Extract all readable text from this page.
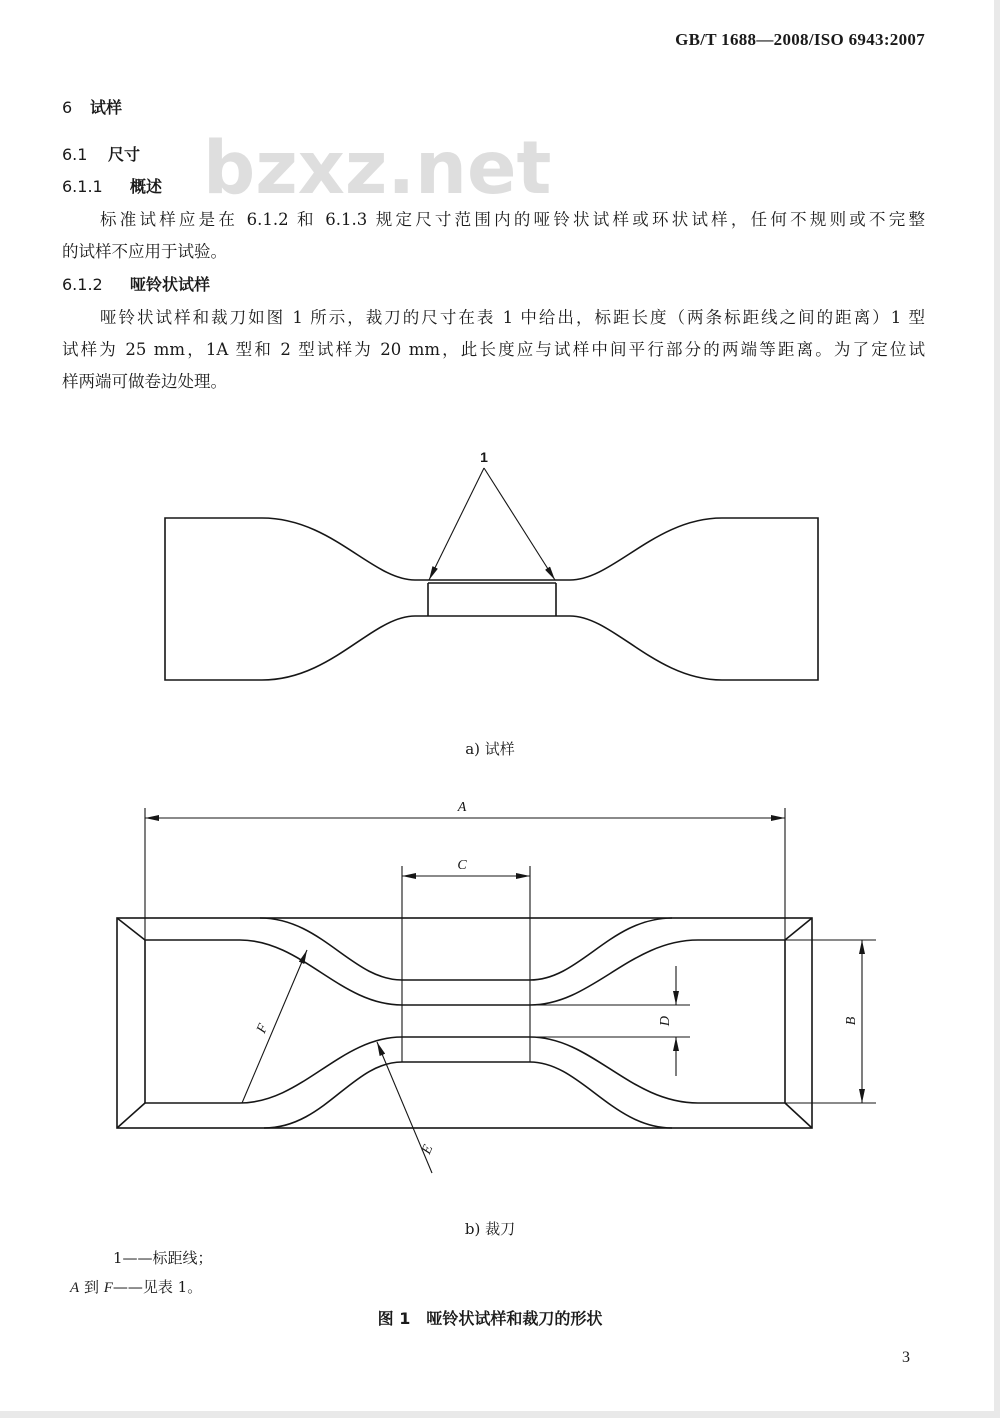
GB/T 1688—2008/ISO 6943:2007
bzxz.net
6 试样
6.1 尺寸
6.1.1 概述
标准试样应是在 6.1.2 和 6.1.3 规定尺寸范围内的哑铃状试样或环状试样，任何不规则或不完整
的试样不应用于试验。
6.1.2 哑铃状试样
哑铃状试样和裁刀如图 1 所示，裁刀的尺寸在表 1 中给出，标距长度（两条标距线之间的距离）1 型
试样为 25 mm，1A 型和 2 型试样为 20 mm，此长度应与试样中间平行部分的两端等距离。为了定位试
样两端可做卷边处理。
1
A
C
D	B
F
E
a) 试样
b) 裁刀
1——标距线；
A 到 F——见表 1。
图 1　哑铃状试样和裁刀的形状
3
